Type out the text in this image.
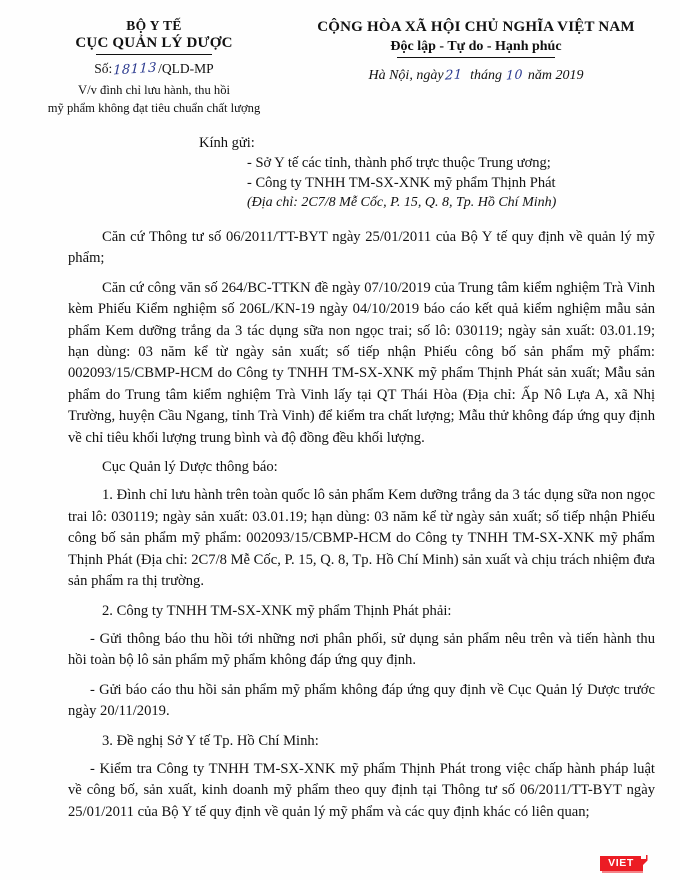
BỘ Y TẾ
CỤC QUẢN LÝ DƯỢC
Số:18113/QLD-MP
V/v đình chỉ lưu hành, thu hồi
mỹ phẩm không đạt tiêu chuẩn chất lượng
CỘNG HÒA XÃ HỘI CHỦ NGHĨA VIỆT NAM
Độc lập - Tự do - Hạnh phúc
Hà Nội, ngày21 tháng 10 năm 2019
Kính gửi:
- Sở Y tế các tỉnh, thành phố trực thuộc Trung ương;
- Công ty TNHH TM-SX-XNK mỹ phẩm Thịnh Phát
(Địa chỉ: 2C7/8 Mễ Cốc, P. 15, Q. 8, Tp. Hồ Chí Minh)

Căn cứ Thông tư số 06/2011/TT-BYT ngày 25/01/2011 của Bộ Y tế quy định về quản lý mỹ phẩm;

Căn cứ công văn số 264/BC-TTKN đề ngày 07/10/2019 của Trung tâm kiểm nghiệm Trà Vinh kèm Phiếu Kiểm nghiệm số 206L/KN-19 ngày 04/10/2019 báo cáo kết quả kiểm nghiệm mẫu sản phẩm Kem dưỡng trắng da 3 tác dụng sữa non ngọc trai; số lô: 030119; ngày sản xuất: 03.01.19; hạn dùng: 03 năm kể từ ngày sản xuất; số tiếp nhận Phiếu công bố sản phẩm mỹ phẩm: 002093/15/CBMP-HCM do Công ty TNHH TM-SX-XNK mỹ phẩm Thịnh Phát sản xuất; Mẫu sản phẩm do Trung tâm kiểm nghiệm Trà Vinh lấy tại QT Thái Hòa (Địa chỉ: Ấp Nô Lựa A, xã Nhị Trường, huyện Cầu Ngang, tỉnh Trà Vinh) để kiểm tra chất lượng; Mẫu thử không đáp ứng quy định về chỉ tiêu khối lượng trung bình và độ đồng đều khối lượng.

Cục Quản lý Dược thông báo:

1. Đình chỉ lưu hành trên toàn quốc lô sản phẩm Kem dưỡng trắng da 3 tác dụng sữa non ngọc trai lô: 030119; ngày sản xuất: 03.01.19; hạn dùng: 03 năm kể từ ngày sản xuất; số tiếp nhận Phiếu công bố sản phẩm mỹ phẩm: 002093/15/CBMP-HCM do Công ty TNHH TM-SX-XNK mỹ phẩm Thịnh Phát (Địa chỉ: 2C7/8 Mễ Cốc, P. 15, Q. 8, Tp. Hồ Chí Minh) sản xuất và chịu trách nhiệm đưa sản phẩm ra thị trường.

2. Công ty TNHH TM-SX-XNK mỹ phẩm Thịnh Phát phải:

- Gửi thông báo thu hồi tới những nơi phân phối, sử dụng sản phẩm nêu trên và tiến hành thu hồi toàn bộ lô sản phẩm mỹ phẩm không đáp ứng quy định.

- Gửi báo cáo thu hồi sản phẩm mỹ phẩm không đáp ứng quy định về Cục Quản lý Dược trước ngày 20/11/2019.

3. Đề nghị Sở Y tế Tp. Hồ Chí Minh:

- Kiểm tra Công ty TNHH TM-SX-XNK mỹ phẩm Thịnh Phát trong việc chấp hành pháp luật về công bố, sản xuất, kinh doanh mỹ phẩm theo quy định tại Thông tư số 06/2011/TT-BYT ngày 25/01/2011 của Bộ Y tế quy định về quản lý mỹ phẩm và các quy định khác có liên quan;

VIET
